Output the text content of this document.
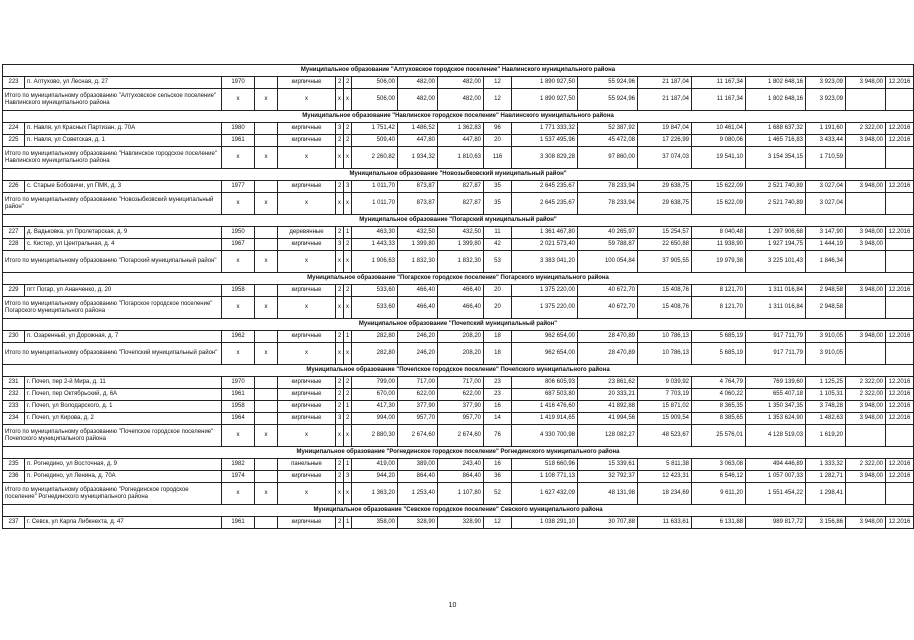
Муниципальное образование "Алтуховское городское поселение" Навлинского муниципального района																		
223	п. Алтухово, ул Лесная, д. 27	1970		кирпичные	2	2	506,00	482,00	482,00	12	1 890 927,50	55 924,96	21 187,04	11 167,34	1 802 648,16	3 923,09	3 948,00	12.2016
Итого по муниципальному образованию "Алтуховское сельское поселение" Навлинского муниципального района		х	х	х	х	х	506,00	482,00	482,00	12	1 890 927,50	55 924,96	21 187,04	11 167,34	1 802 648,16	3 923,09		
Муниципальное образование "Навлинское городское поселение" Навлинского муниципального района																		
224	п. Навля, ул Красных Партизан, д. 70А	1980		кирпичные	3	2	1 751,42	1 486,52	1 362,83	96	1 771 333,32	52 387,92	19 847,04	10 461,04	1 688 637,32	1 191,60	2 322,00	12.2016
225	п. Навля, ул Советская, д. 1	1961		кирпичные	2	2	509,40	447,80	447,80	20	1 537 495,96	45 472,08	17 226,99	9 080,06	1 465 716,83	3 433,44	3 948,00	12.2016
Итого по муниципальному образованию "Навлинское городское поселение" Навлинского муниципального района		х	х	х	х	х	2 260,82	1 934,32	1 810,63	116	3 308 829,28	97 860,00	37 074,03	19 541,10	3 154 354,15	1 710,59		
Муниципальное образование "Новозыбковский муниципальный район"																		
226	с. Старые Бобовичи, ул ПМК, д. 3	1977		кирпичные	2	3	1 011,70	873,87	827,87	35	2 645 235,67	78 233,94	29 638,75	15 622,09	2 521 740,89	3 027,04	3 948,00	12.2016
Итого по муниципальному образованию "Новозыбковский муниципальный район"		х	х	х	х	х	1 011,70	873,87	827,87	35	2 645 235,67	78 233,94	29 638,75	15 622,09	2 521 740,89	3 027,04		
Муниципальное образование "Погарский муниципальный район"																		
227	д. Вадьковка, ул Пролетарская, д. 9	1950		деревянные	2	1	463,30	432,50	432,50	11	1 361 467,80	40 265,97	15 254,57	8 040,48	1 297 906,68	3 147,90	3 948,00	12.2016
228	с. Кистер, ул Центральная, д. 4	1967		кирпичные	3	2	1 443,33	1 399,80	1 399,80	42	2 021 573,40	59 788,87	22 650,88	11 938,90	1 927 194,75	1 444,19	3 948,00	
Итого по муниципальному образованию "Погарский муниципальный район"		х	х	х	х	х	1 906,63	1 832,30	1 832,30	53	3 383 041,20	100 054,84	37 905,55	19 979,38	3 225 101,43	1 846,34		
Муниципальное образование "Погарское городское поселение" Погарского муниципального района																		
229	пгт Погар, ул Ананченко, д. 20	1958		кирпичные	2	2	533,60	466,40	466,40	20	1 375 220,00	40 672,70	15 408,76	8 121,70	1 311 016,84	2 948,58	3 948,00	12.2016
Итого по муниципальному образованию "Погарское городское поселение" Погарского муниципального района		х	х	х	х	х	533,60	466,40	466,40	20	1 375 220,00	40 672,70	15 408,76	8 121,70	1 311 016,84	2 948,58		
Муниципальное образование "Почепский муниципальный район"																		
230	п. Озаренный, ул Дорожная, д. 7	1962		кирпичные	2	1	282,80	246,20	208,20	18	962 654,00	28 470,89	10 786,13	5 685,19	917 711,79	3 910,05	3 948,00	12.2016
Итого по муниципальному образованию "Почепский муниципальный район"		х	х	х	х	х	282,80	246,20	208,20	18	962 654,00	28 470,89	10 786,13	5 685,19	917 711,79	3 910,05		
Муниципальное образование "Почепское городское поселение" Почепского муниципального района																		
231	г. Почеп, пер 2-й Мира, д. 11	1970		кирпичные	2	2	799,00	717,00	717,00	23	806 605,93	23 861,62	9 039,92	4 764,79	769 139,60	1 125,25	2 322,00	12.2016
232	г. Почеп, пер Октябрьский, д. 6А	1961		кирпичные	2	2	670,00	622,00	622,00	23	687 503,80	20 333,21	7 703,19	4 060,22	655 407,18	1 105,31	2 322,00	12.2016
233	г. Почеп, ул Володарского, д. 1	1958		кирпичные	2	1	417,30	377,90	377,90	16	1 416 476,60	41 892,88	15 871,02	8 365,35	1 350 347,35	3 748,28	3 948,00	12.2016
234	г. Почеп, ул Кирова, д. 2	1964		кирпичные	3	2	994,00	957,70	957,70	14	1 419 914,65	41 994,56	15 909,54	8 385,65	1 353 624,90	1 482,63	3 948,00	12.2016
Итого по муниципальному образованию "Почепское городское поселение" Почепского муниципального района		х	х	х	х	х	2 880,30	2 674,60	2 674,60	76	4 330 700,98	128 082,27	48 523,67	25 576,01	4 128 519,03	1 619,20		
Муниципальное образование "Рогнединское городское поселение" Рогнединского муниципального района																		
235	п. Рогнедино, ул Восточная, д. 9	1982		панельные	2	1	419,00	389,00	243,40	16	518 660,96	15 339,61	5 811,38	3 063,08	494 446,89	1 333,32	2 322,00	12.2016
236	п. Рогнедино, ул Ленина, д. 70А	1974		кирпичные	2	3	944,20	864,40	864,40	36	1 108 771,13	32 792,37	12 423,31	6 546,12	1 057 007,33	1 282,71	3 948,00	12.2016
Итого по муниципальному образованию "Рогнединское городское поселение" Рогнединского муниципального района		х	х	х	х	х	1 363,20	1 253,40	1 107,80	52	1 627 432,09	48 131,98	18 234,69	9 611,20	1 551 454,22	1 298,41		
Муниципальное образование "Севское городское поселение" Севского муниципального района																		
237	г. Севск, ул Карла Либкнехта, д. 47	1961		кирпичные	2	1	358,00	328,90	328,90	12	1 038 291,10	30 707,88	11 633,61	6 131,88	989 817,72	3 156,86	3 948,00	12.2016
10
